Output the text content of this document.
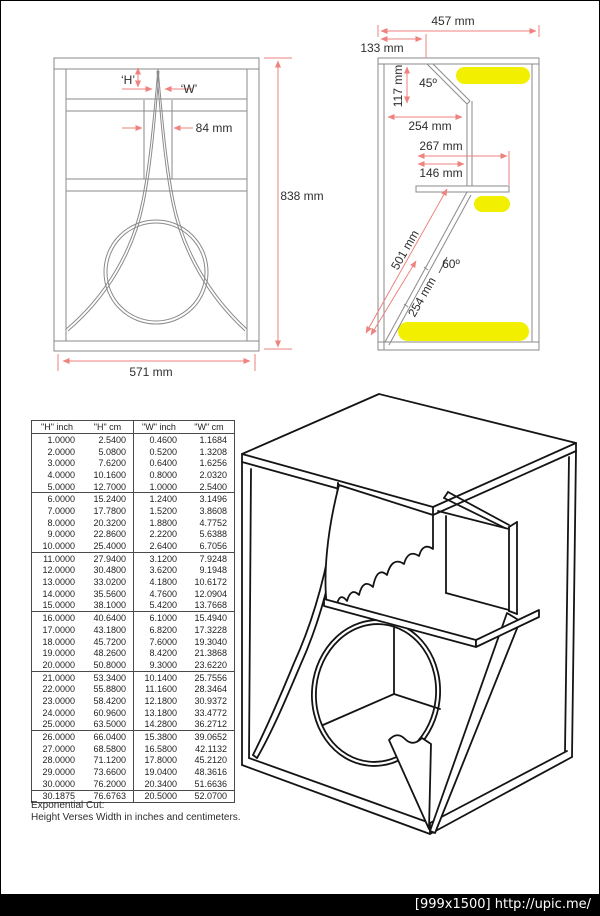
‘H’
‘W’
84 mm
838 mm
571 mm
457 mm
133 mm
45º
117 mm
254 mm
267 mm
146 mm
501 mm
254 mm
60º
"H" inch	"H" cm	"W" inch	"W" cm
1.0000	2.5400	0.4600	1.1684
2.0000	5.0800	0.5200	1.3208
3.0000	7.6200	0.6400	1.6256
4.0000	10.1600	0.8000	2.0320
5.0000	12.7000	1.0000	2.5400
6.0000	15.2400	1.2400	3.1496
7.0000	17.7800	1.5200	3.8608
8.0000	20.3200	1.8800	4.7752
9.0000	22.8600	2.2200	5.6388
10.0000	25.4000	2.6400	6.7056
11.0000	27.9400	3.1200	7.9248
12.0000	30.4800	3.6200	9.1948
13.0000	33.0200	4.1800	10.6172
14.0000	35.5600	4.7600	12.0904
15.0000	38.1000	5.4200	13.7668
16.0000	40.6400	6.1000	15.4940
17.0000	43.1800	6.8200	17.3228
18.0000	45.7200	7.6000	19.3040
19.0000	48.2600	8.4200	21.3868
20.0000	50.8000	9.3000	23.6220
21.0000	53.3400	10.1400	25.7556
22.0000	55.8800	11.1600	28.3464
23.0000	58.4200	12.1800	30.9372
24.0000	60.9600	13.1800	33.4772
25.0000	63.5000	14.2800	36.2712
26.0000	66.0400	15.3800	39.0652
27.0000	68.5800	16.5800	42.1132
28.0000	71.1200	17.8000	45.2120
29.0000	73.6600	19.0400	48.3616
30.0000	76.2000	20.3400	51.6636
30.1875	76.6763	20.5000	52.0700
Exponential Cut:
Height Verses Width in inches and centimeters.
[999x1500] http://upic.me/
